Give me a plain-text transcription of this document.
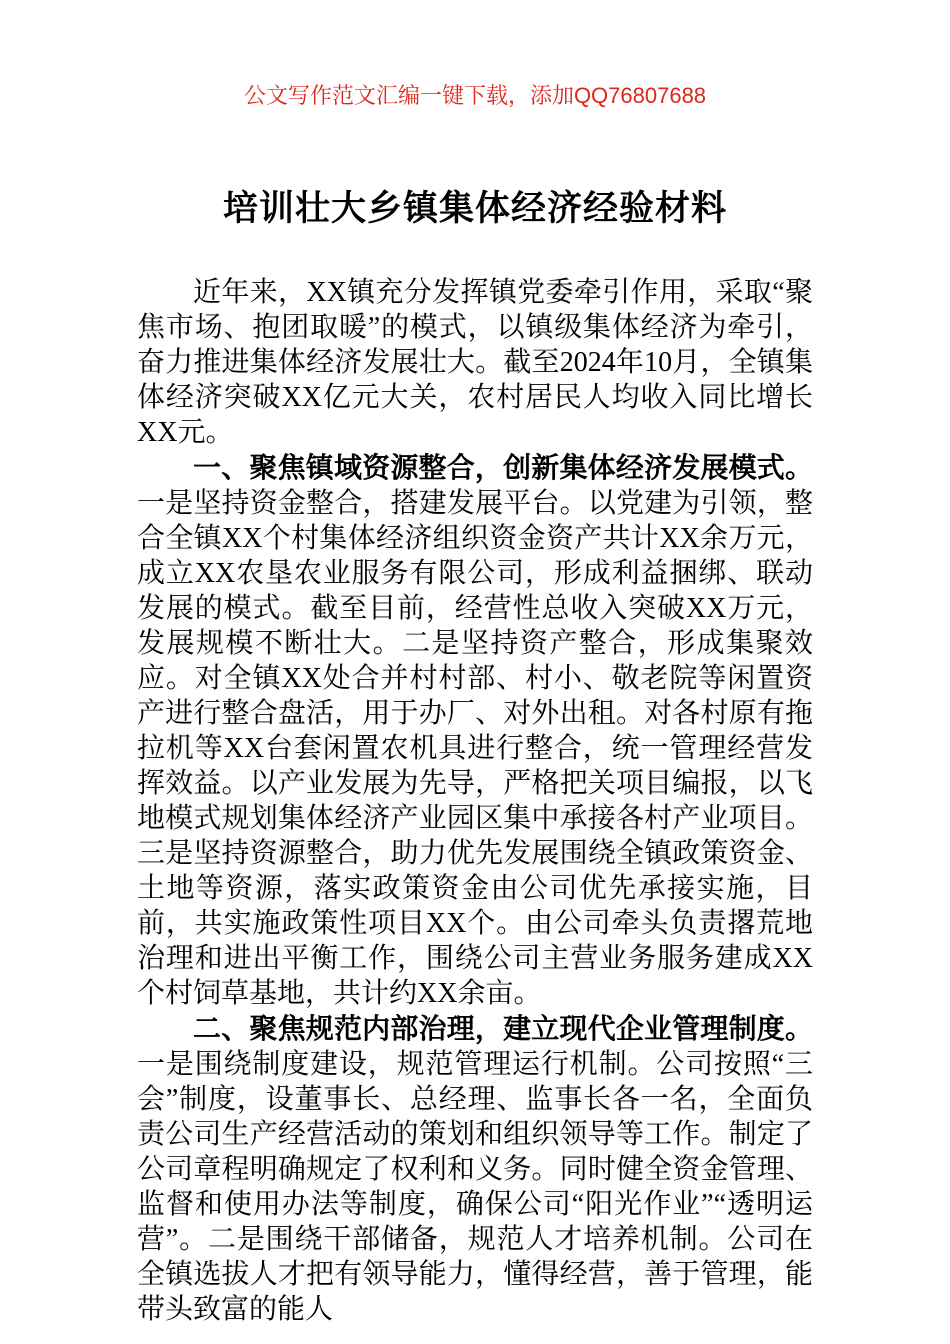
公文写作范文汇编一键下载，添加QQ76807688
培训壮大乡镇集体经济经验材料

近年来，XX镇充分发挥镇党委牵引作用，采取“聚焦市场、抱团取暖”的模式，以镇级集体经济为牵引，奋力推进集体经济发展壮大。截至2024年10月，全镇集体经济突破XX亿元大关，农村居民人均收入同比增长XX元。

一、聚焦镇域资源整合，创新集体经济发展模式。一是坚持资金整合，搭建发展平台。以党建为引领，整合全镇XX个村集体经济组织资金资产共计XX余万元，成立XX农垦农业服务有限公司，形成利益捆绑、联动发展的模式。截至目前，经营性总收入突破XX万元，发展规模不断壮大。二是坚持资产整合，形成集聚效应。对全镇XX处合并村村部、村小、敬老院等闲置资产进行整合盘活，用于办厂、对外出租。对各村原有拖拉机等XX台套闲置农机具进行整合，统一管理经营发挥效益。以产业发展为先导，严格把关项目编报，以飞地模式规划集体经济产业园区集中承接各村产业项目。三是坚持资源整合，助力优先发展围绕全镇政策资金、土地等资源，落实政策资金由公司优先承接实施，目前，共实施政策性项目XX个。由公司牵头负责撂荒地治理和进出平衡工作，围绕公司主营业务服务建成XX个村饲草基地，共计约XX余亩。

二、聚焦规范内部治理，建立现代企业管理制度。一是围绕制度建设，规范管理运行机制。公司按照“三会”制度，设董事长、总经理、监事长各一名，全面负责公司生产经营活动的策划和组织领导等工作。制定了公司章程明确规定了权利和义务。同时健全资金管理、监督和使用办法等制度，确保公司“阳光作业”“透明运营”。二是围绕干部储备，规范人才培养机制。公司在全镇选拔人才把有领导能力，懂得经营，善于管理，能带头致富的能人
